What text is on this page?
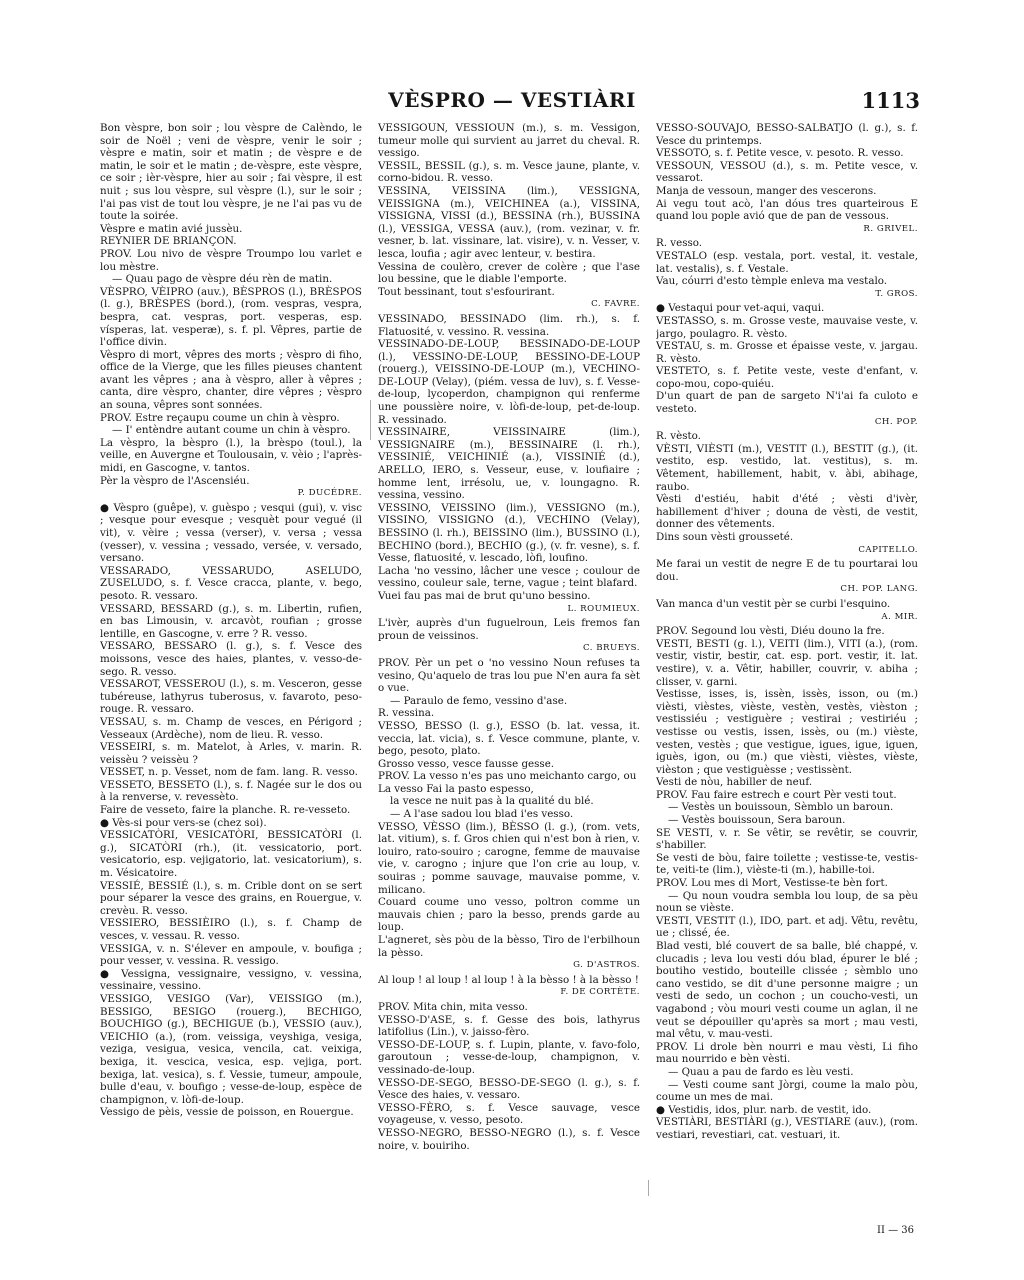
VÈSPRO — VESTIÀRI	1113

Bon vèspre, bon soir ; lou vèspre de Calèndo, le soir de Noël ; veni de vèspre, venir le soir ; vèspre e matin, soir et matin ; de vèspre e de matin, le soir et le matin ; de-vèspre, este vèspre, ce soir ; ièr-vèspre, hier au soir ; fai vèspre, il est nuit ; sus lou vèspre, sul vèspre (l.), sur le soir ; l'ai pas vist de tout lou vèspre, je ne l'ai pas vu de toute la soirée.

Vèspre e matin avié jussèu.

REYNIER DE BRIANÇON.

PROV. Lou nivo de vèspre Troumpo lou varlet e lou mèstre.

— Quau pago de vèspre déu rèn de matin.

VÈSPRO, VÈIPRO (auv.), BÈSPROS (l.), BRÈSPOS (l. g.), BRÈSPES (bord.), (rom. vespras, vespra, bespra, cat. vespras, port. vesperas, esp. vísperas, lat. vesperæ), s. f. pl. Vêpres, partie de l'office divin.

Vèspro di mort, vêpres des morts ; vèspro di fiho, office de la Vierge, que les filles pieuses chantent avant les vêpres ; ana à vèspro, aller à vêpres ; canta, dire vèspro, chanter, dire vêpres ; vèspro an souna, vêpres sont sonnées.

PROV. Estre reçaupu coume un chin à vèspro.

— I' entèndre autant coume un chin à vèspro.

La vèspro, la bèspro (l.), la brèspo (toul.), la veille, en Auvergne et Toulousain, v. vèio ; l'après-midi, en Gascogne, v. tantos.

Pèr la vèspro de l'Ascensiéu.

P. DUCÉDRE.

● Vèspro (guêpe), v. guèspo ; vesqui (gui), v. visc ; vesque pour evesque ; vesquèt pour vegué (il vit), v. vèire ; vessa (verser), v. versa ; vessa (vesser), v. vessina ; vessado, versée, v. versado, versano.

VESSARADO, VESSARUDO, ASELUDO, ZUSELUDO, s. f. Vesce cracca, plante, v. bego, pesoto. R. vessaro.

VESSARD, BESSARD (g.), s. m. Libertin, rufien, en bas Limousin, v. arcavòt, roufian ; grosse lentille, en Gascogne, v. erre ? R. vesso.

VESSARO, BESSARO (l. g.), s. f. Vesce des moissons, vesce des haies, plantes, v. vesso-de-sego. R. vesso.

VESSAROT, VESSEROU (l.), s. m. Vesceron, gesse tubéreuse, lathyrus tuberosus, v. favaroto, peso-rouge. R. vessaro.

VESSAU, s. m. Champ de vesces, en Périgord ; Vesseaux (Ardèche), nom de lieu. R. vesso.

VESSEIRI, s. m. Matelot, à Arles, v. marin. R. veissèu ? veissèu ?

VESSET, n. p. Vesset, nom de fam. lang. R. vesso.

VESSETO, BESSETO (l.), s. f. Nagée sur le dos ou à la renverse, v. revessèto.

Faire de vesseto, faire la planche. R. re-vesseto.

● Vès-si pour vers-se (chez soi).

VESSICATÒRI, VESICATÒRI, BESSICATÒRI (l. g.), SICATÒRI (rh.), (it. vessicatorio, port. vesicatorio, esp. vejigatorio, lat. vesicatorium), s. m. Vésicatoire.

VESSIÉ, BESSIÉ (l.), s. m. Crible dont on se sert pour séparer la vesce des grains, en Rouergue, v. crevèu. R. vesso.

VESSIERO, BESSIÈIRO (l.), s. f. Champ de vesces, v. vessau. R. vesso.

VESSIGA, v. n. S'élever en ampoule, v. boufiga ; pour vesser, v. vessina. R. vessigo.

● Vessigna, vessignaire, vessigno, v. vessina, vessinaire, vessino.

VESSIGO, VESIGO (Var), VEISSIGO (m.), BESSIGO, BESIGO (rouerg.), BECHIGO, BOUCHIGO (g.), BECHIGUE (b.), VESSIO (auv.), VEICHIO (a.), (rom. veissiga, veyshiga, vesiga, veziga, vesigua, vesica, vencila, cat. veixiga, bexiga, it. vescica, vesica, esp. vejiga, port. bexiga, lat. vesica), s. f. Vessie, tumeur, ampoule, bulle d'eau, v. boufigo ; vesse-de-loup, espèce de champignon, v. lòfi-de-loup.

Vessigo de pèis, vessie de poisson, en Rouergue.

VESSIGOUN, VESSIOUN (m.), s. m. Vessigon, tumeur molle qui survient au jarret du cheval. R. vessigo.

VESSIL, BESSIL (g.), s. m. Vesce jaune, plante, v. corno-bidou. R. vesso.

VESSINA, VEISSINA (lim.), VESSIGNA, VEISSIGNA (m.), VEICHINEA (a.), VISSINA, VISSIGNA, VISSI (d.), BESSINA (rh.), BUSSINA (l.), VESSIGA, VESSA (auv.), (rom. vezinar, v. fr. vesner, b. lat. vissinare, lat. visire), v. n. Vesser, v. lesca, loufia ; agir avec lenteur, v. bestira.

Vessina de coulèro, crever de colère ; que l'ase lou bessine, que le diable l'emporte.

Tout bessinant, tout s'esfourirant.

C. FAVRE.

VESSINADO, BESSINADO (lim. rh.), s. f. Flatuosité, v. vessino. R. vessina.

VESSINADO-DE-LOUP, BESSINADO-DE-LOUP (l.), VESSINO-DE-LOUP, BESSINO-DE-LOUP (rouerg.), VEISSINO-DE-LOUP (m.), VECHINO-DE-LOUP (Velay), (piém. vessa de luv), s. f. Vesse-de-loup, lycoperdon, champignon qui renferme une poussière noire, v. lòfi-de-loup, pet-de-loup. R. vessinado.

VESSINAIRE, VEISSINAIRE (lim.), VESSIGNAIRE (m.), BESSINAIRE (l. rh.), VESSINIÉ, VEICHINIÉ (a.), VISSINIÉ (d.), ARELLO, IERO, s. Vesseur, euse, v. loufiaire ; homme lent, irrésolu, ue, v. loungagno. R. vessina, vessino.

VESSINO, VEISSINO (lim.), VESSIGNO (m.), VISSINO, VISSIGNO (d.), VECHINO (Velay), BESSINO (l. rh.), BEISSINO (lim.), BUSSINO (l.), BECHINO (bord.), BECHIO (g.), (v. fr. vesne), s. f. Vesse, flatuosité, v. lescado, lòfi, loufino.

Lacha 'no vessino, lâcher une vesce ; coulour de vessino, couleur sale, terne, vague ; teint blafard.

Vuei fau pas mai de brut qu'uno bessino.

L. ROUMIEUX.

L'ivèr, auprès d'un fuguelroun, Leis fremos fan proun de veissinos.

C. BRUEYS.

PROV. Pèr un pet o 'no vessino Noun refuses ta vesino, Qu'aquelo de tras lou pue N'en aura fa sèt o vue.

— Paraulo de femo, vessino d'ase.

R. vessina.

VESSO, BESSO (l. g.), ESSO (b. lat. vessa, it. veccia, lat. vicia), s. f. Vesce commune, plante, v. bego, pesoto, plato.

Grosso vesso, vesce fausse gesse.

PROV. La vesso n'es pas uno meichanto cargo, ou

La vesso Fai la pasto espesso,

la vesce ne nuit pas à la qualité du blé.

— A l'ase sadou lou blad i'es vesso.

VESSO, VÈSSO (lim.), BÈSSO (l. g.), (rom. vets, lat. vitium), s. f. Gros chien qui n'est bon à rien, v. louiro, rato-souiro ; carogne, femme de mauvaise vie, v. carogno ; injure que l'on crie au loup, v. souiras ; pomme sauvage, mauvaise pomme, v. milicano.

Couard coume uno vesso, poltron comme un mauvais chien ; paro la besso, prends garde au loup.

L'agneret, sès pòu de la bèsso, Tiro de l'erbilhoun la pèsso.

G. D'ASTROS.

Al loup ! al loup ! al loup ! à la bèsso ! à la bèsso !

F. DE CORTÈTE.

PROV. Mita chin, mita vesso.

VESSO-D'ASE, s. f. Gesse des bois, lathyrus latifolius (Lin.), v. jaisso-fèro.

VESSO-DE-LOUP, s. f. Lupin, plante, v. favo-folo, garoutoun ; vesse-de-loup, champignon, v. vessinado-de-loup.

VESSO-DE-SEGO, BESSO-DE-SEGO (l. g.), s. f. Vesce des haies, v. vessaro.

VESSO-FÈRO, s. f. Vesce sauvage, vesce voyageuse, v. vesso, pesoto.

VESSO-NEGRO, BESSO-NEGRO (l.), s. f. Vesce noire, v. bouiriho.

VESSO-SÓUVAJO, BESSO-SALBATJO (l. g.), s. f. Vesce du printemps.

VESSOTO, s. f. Petite vesce, v. pesoto. R. vesso.

VESSOUN, VESSOU (d.), s. m. Petite vesce, v. vessarot.

Manja de vessoun, manger des vescerons.

Ai vegu tout acò, l'an dóus tres quarteirous E quand lou pople avió que de pan de vessous.

R. GRIVEL.

R. vesso.

VESTALO (esp. vestala, port. vestal, it. vestale, lat. vestalis), s. f. Vestale.

Vau, cóurri d'esto tèmple enleva ma vestalo.

T. GROS.

● Vestaqui pour vet-aqui, vaqui.

VESTASSO, s. m. Grosse veste, mauvaise veste, v. jargo, poulagro. R. vèsto.

VESTAU, s. m. Grosse et épaisse veste, v. jargau. R. vèsto.

VESTETO, s. f. Petite veste, veste d'enfant, v. copo-mou, copo-quiéu.

D'un quart de pan de sargeto N'i'ai fa culoto e vesteto.

CH. POP.

R. vèsto.

VÈSTI, VIÈSTI (m.), VESTIT (l.), BESTIT (g.), (it. vestito, esp. vestido, lat. vestitus), s. m. Vêtement, habillement, habit, v. àbi, abihage, raubo.

Vèsti d'estiéu, habit d'été ; vèsti d'ivèr, habillement d'hiver ; douna de vèsti, de vestit, donner des vêtements.

Dins soun vèsti grousseté.

CAPITELLO.

Me farai un vestit de negre E de tu pourtarai lou dou.

CH. POP. LANG.

Van manca d'un vestit pèr se curbi l'esquino.

A. MIR.

PROV. Segound lou vèsti, Diéu douno la fre.

VESTI, BESTI (g. l.), VEITI (lim.), VITI (a.), (rom. vestir, vistir, bestir, cat. esp. port. vestir, it. lat. vestire), v. a. Vêtir, habiller, couvrir, v. abiha ; clisser, v. garni.

Vestisse, isses, is, issèn, issès, isson, ou (m.) vièsti, vièstes, vièste, vestèn, vestès, vièston ; vestissiéu ; vestiguère ; vestirai ; vestiriéu ; vestisse ou vestis, issen, issès, ou (m.) vièste, vesten, vestès ; que vestigue, igues, igue, iguen, iguès, igon, ou (m.) que vièsti, vièstes, vièste, vièston ; que vestiguèsse ; vestissènt.

Vesti de nòu, habiller de neuf.

PROV. Fau faire estrech e court Pèr vesti tout.

— Vestès un bouissoun, Sèmblo un baroun.

— Vestès bouissoun, Sera baroun.

SE VESTI, v. r. Se vêtir, se revêtir, se couvrir, s'habiller.

Se vesti de bòu, faire toilette ; vestisse-te, vestis-te, veiti-te (lim.), vièste-ti (m.), habille-toi.

PROV. Lou mes di Mort, Vestisse-te bèn fort.

— Qu noun voudra sembla lou loup, de sa pèu noun se vièste.

VESTI, VESTIT (l.), IDO, part. et adj. Vêtu, revêtu, ue ; clissé, ée.

Blad vesti, blé couvert de sa balle, blé chappé, v. clucadis ; leva lou vesti dóu blad, épurer le blé ; boutiho vestido, bouteille clissée ; sèmblo uno cano vestido, se dit d'une personne maigre ; un vesti de sedo, un cochon ; un coucho-vesti, un vagabond ; vòu mouri vesti coume un aglan, il ne veut se dépouiller qu'après sa mort ; mau vesti, mal vêtu, v. mau-vesti.

PROV. Li drole bèn nourri e mau vèsti, Li fiho mau nourrido e bèn vèsti.

— Quau a pau de fardo es lèu vesti.

— Vesti coume sant Jòrgi, coume la malo pòu, coume un mes de mai.

● Vestidis, idos, plur. narb. de vestit, ido.

VESTIÀRI, BESTIÀRI (g.), VESTIARE (auv.), (rom. vestiari, revestiari, cat. vestuari, it.

II — 36
